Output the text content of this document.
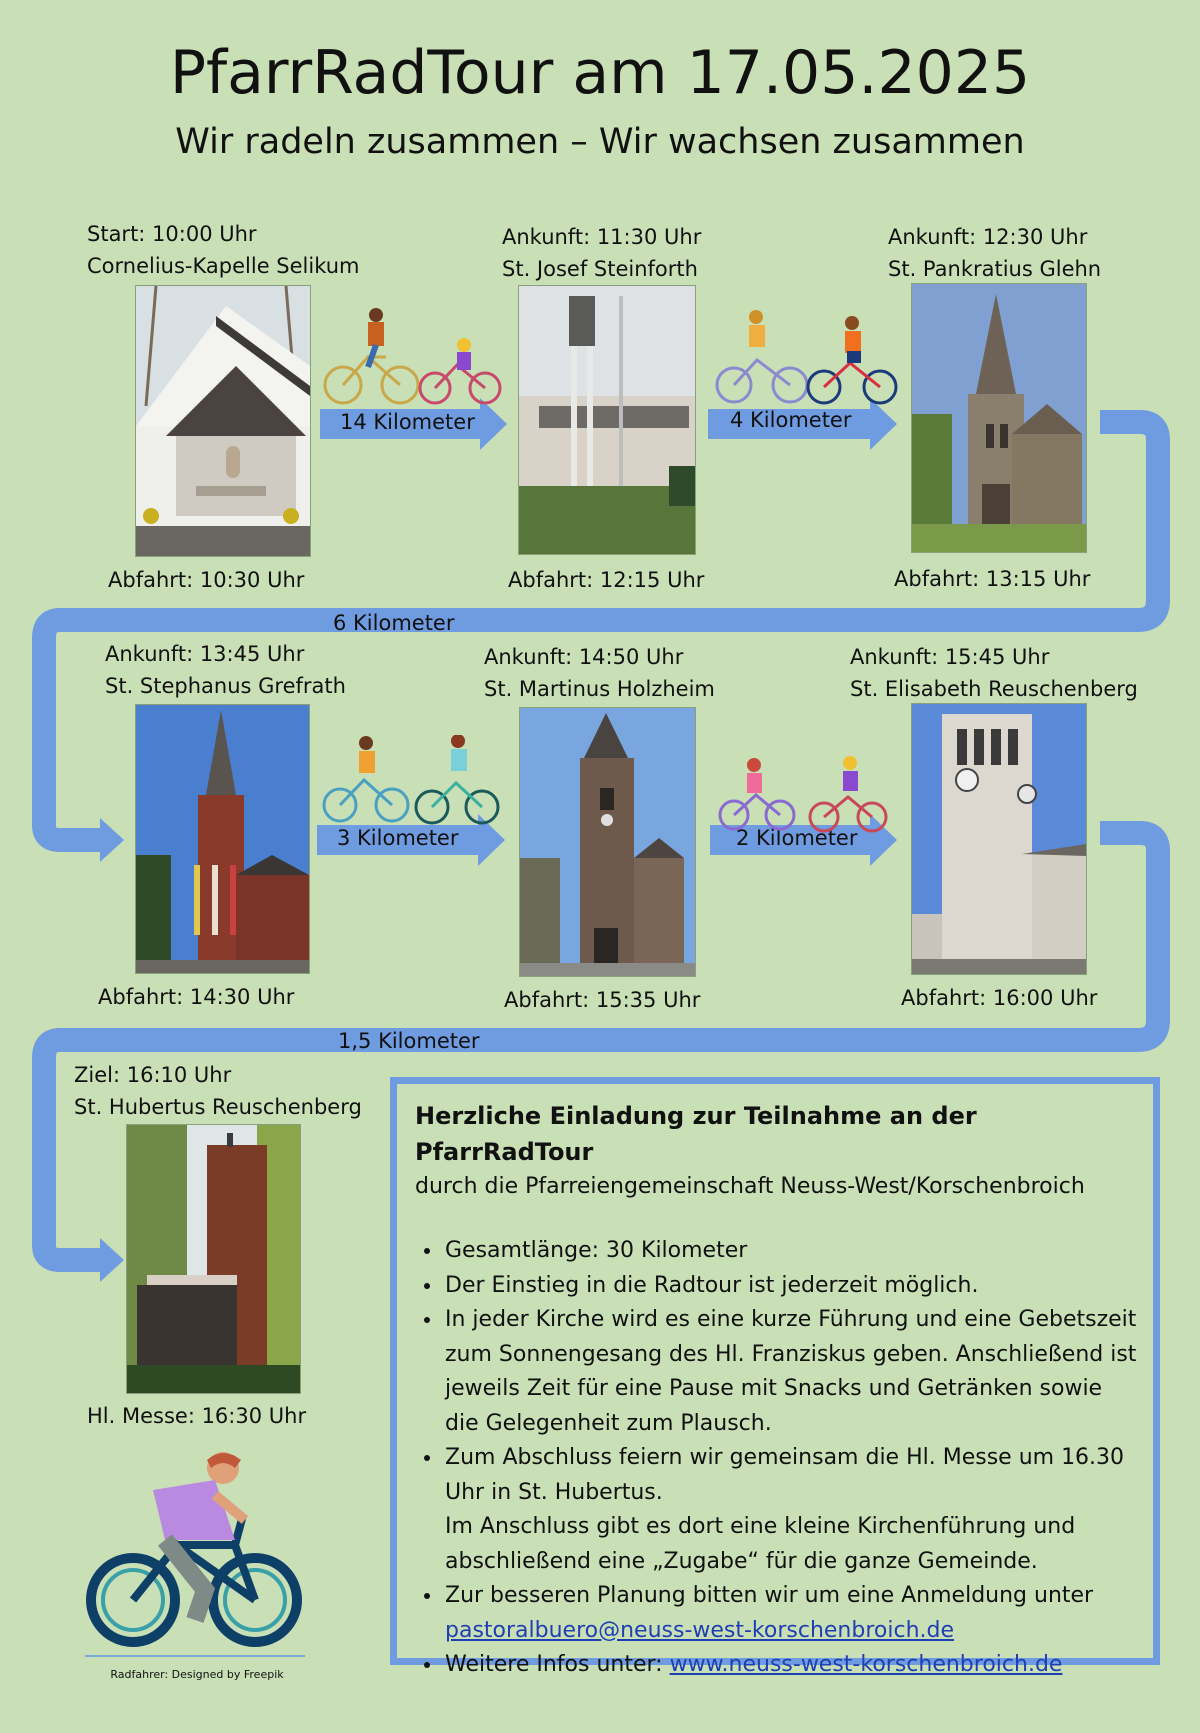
PfarrRadTour am 17.05.2025
Wir radeln zusammen – Wir wachsen zusammen
14 Kilometer	4 Kilometer
6 Kilometer
3 Kilometer	2 Kilometer
1,5 Kilometer
Start: 10:00 Uhr
Cornelius-Kapelle Selikum
Abfahrt: 10:30 Uhr
Ankunft: 11:30 Uhr
St. Josef Steinforth
Abfahrt: 12:15 Uhr
Ankunft: 12:30 Uhr
St. Pankratius Glehn
Abfahrt: 13:15 Uhr
Ankunft: 13:45 Uhr
St. Stephanus Grefrath
Abfahrt: 14:30 Uhr
Ankunft: 14:50 Uhr
St. Martinus Holzheim
Abfahrt: 15:35 Uhr
Ankunft: 15:45 Uhr
St. Elisabeth Reuschenberg
Abfahrt: 16:00 Uhr
Ziel: 16:10 Uhr
St. Hubertus Reuschenberg
Hl. Messe: 16:30 Uhr
Radfahrer: Designed by Freepik
Herzliche Einladung zur Teilnahme an der PfarrRadTour
durch die Pfarreiengemeinschaft Neuss-West/Korschenbroich
• Gesamtlänge: 30 Kilometer
• Der Einstieg in die Radtour ist jederzeit möglich.
• In jeder Kirche wird es eine kurze Führung und eine Gebetszeit zum Sonnengesang des Hl. Franziskus geben. Anschließend ist jeweils Zeit für eine Pause mit Snacks und Getränken sowie die Gelegenheit zum Plausch.
• Zum Abschluss feiern wir gemeinsam die Hl. Messe um 16.30 Uhr in St. Hubertus.
Im Anschluss gibt es dort eine kleine Kirchenführung und abschließend eine „Zugabe“ für die ganze Gemeinde.
• Zur besseren Planung bitten wir um eine Anmeldung unter
pastoralbuero@neuss-west-korschenbroich.de
• Weitere Infos unter: www.neuss-west-korschenbroich.de
